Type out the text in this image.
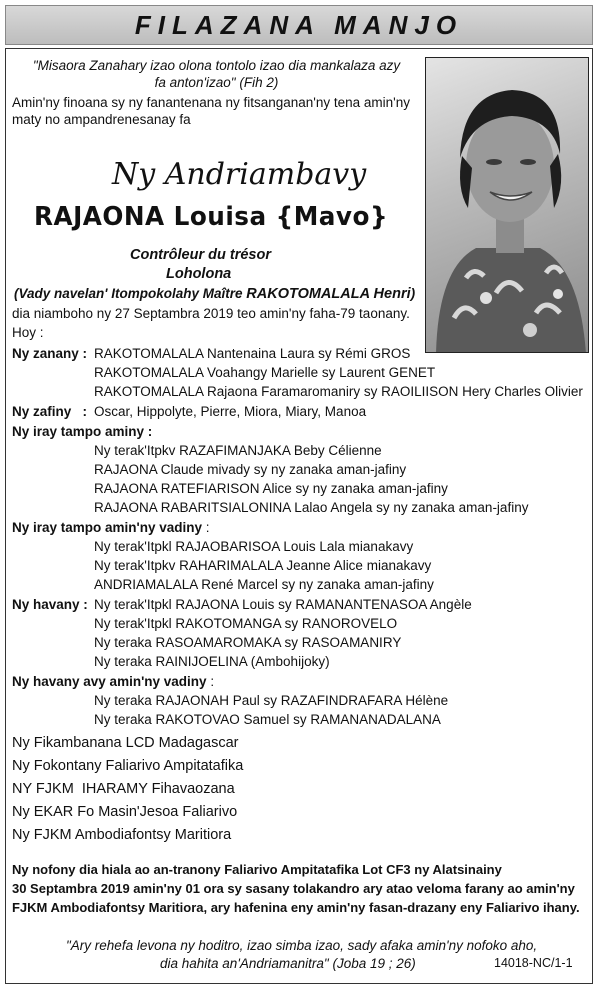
FILAZANA MANJO
"Misaora Zanahary izao olona tontolo izao dia mankalaza azy
fa anton'izao" (Fih 2)
Amin'ny finoana sy ny fanantenana ny fitsanganan'ny tena amin'ny
maty no ampandrenesanay fa
Ny Andriambavy
RAJAONA Louisa {Mavo}
Contrôleur du trésor
Loholona
(Vady navelan' Itompokolahy Maître RAKOTOMALALA Henri)
dia niamboho ny 27 Septambra 2019 teo amin'ny faha-79 taonany.
Hoy :
Ny zanany : RAKOTOMALALA Nantenaina Laura sy Rémi GROS
RAKOTOMALALA Voahangy Marielle sy Laurent GENET
RAKOTOMALALA Rajaona Faramaromaniry sy RAOILIISON Hery Charles Olivier
Ny zafiny   : Oscar, Hippolyte, Pierre, Miora, Miary, Manoa
Ny iray tampo aminy :
Ny terak'Itpkv RAZAFIMANJAKA Beby Célienne
RAJAONA Claude mivady sy ny zanaka aman-jafiny
RAJAONA RATEFIARISON Alice sy ny zanaka aman-jafiny
RAJAONA RABARITSIALONINA Lalao Angela sy ny zanaka aman-jafiny
Ny iray tampo amin'ny vadiny :
Ny terak'Itpkl RAJAOBARISOA Louis Lala mianakavy
Ny terak'Itpkv RAHARIMALALA Jeanne Alice mianakavy
ANDRIAMALALA René Marcel sy ny zanaka aman-jafiny
Ny havany : Ny terak'Itpkl RAJAONA Louis sy RAMANANTENASOA Angèle
Ny terak'Itpkl RAKOTOMANGA sy RANOROVELO
Ny teraka RASOAMAROMAKA sy RASOAMANIRY
Ny teraka RAINIJOELINA (Ambohijoky)
Ny havany avy amin'ny vadiny :
Ny teraka RAJAONAH Paul sy RAZAFINDRAFARA Hélène
Ny teraka RAKOTOVAO Samuel sy RAMANANADALANA
Ny Fikambanana LCD Madagascar
Ny Fokontany Faliarivo Ampitatafika
NY FJKM  IHARAMY Fihavaozana
Ny EKAR Fo Masin'Jesoa Faliarivo
Ny FJKM Ambodiafontsy Maritiora
Ny nofony dia hiala ao an-tranony Faliarivo Ampitatafika Lot CF3 ny Alatsinainy
30 Septambra 2019 amin'ny 01 ora sy sasany tolakandro ary atao veloma farany ao amin'ny
FJKM Ambodiafontsy Maritiora, ary hafenina eny amin'ny fasan-drazany eny Faliarivo ihany.
"Ary rehefa levona ny hoditro, izao simba izao, sady afaka amin'ny nofoko aho,
dia hahita an'Andriamanitra" (Joba 19 ; 26)	14018-NC/1-1
